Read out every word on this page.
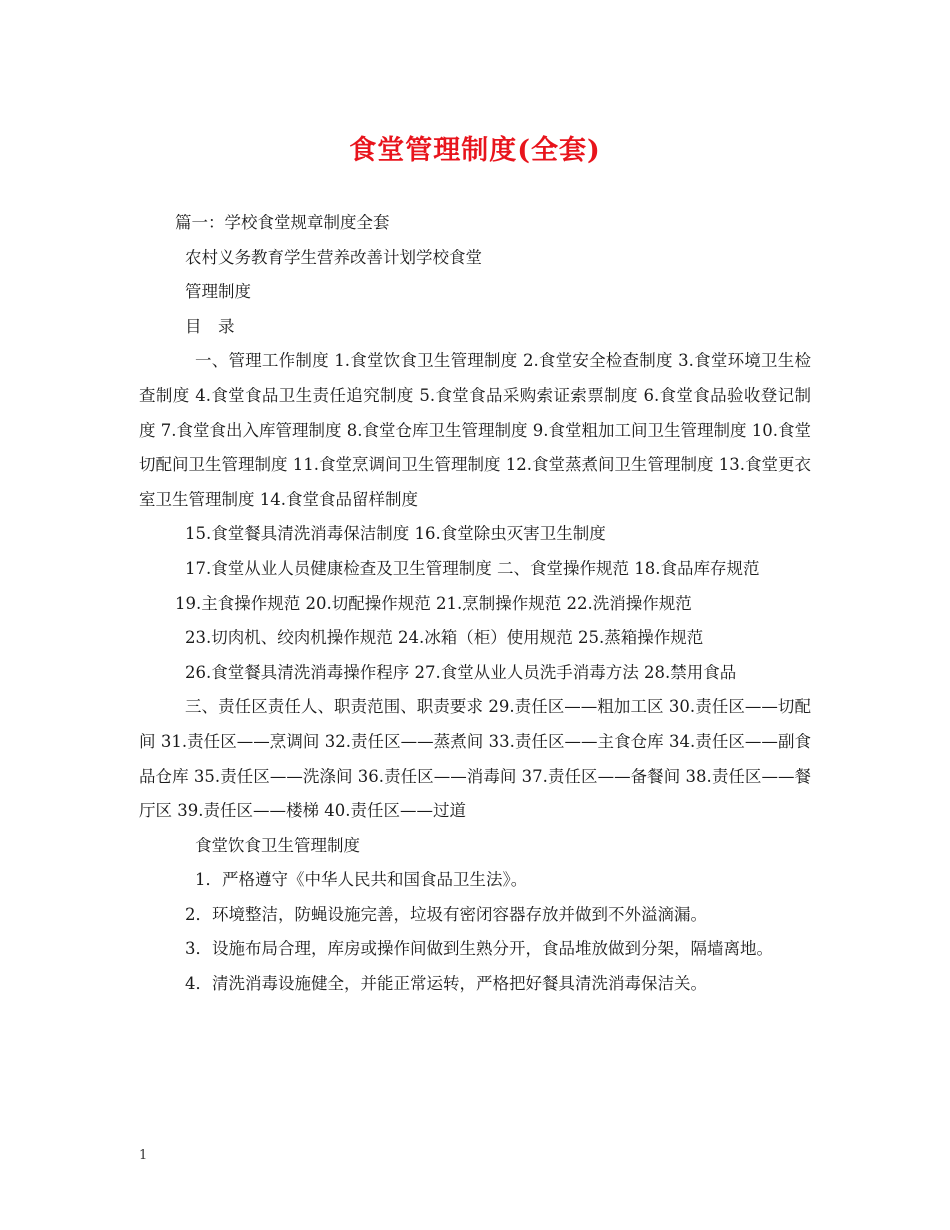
食堂管理制度(全套)

篇一：学校食堂规章制度全套

农村义务教育学生营养改善计划学校食堂

管理制度

目　录

一、管理工作制度 1.食堂饮食卫生管理制度 2.食堂安全检查制度 3.食堂环境卫生检查制度 4.食堂食品卫生责任追究制度 5.食堂食品采购索证索票制度 6.食堂食品验收登记制度 7.食堂食出入库管理制度 8.食堂仓库卫生管理制度 9.食堂粗加工间卫生管理制度 10.食堂切配间卫生管理制度 11.食堂烹调间卫生管理制度 12.食堂蒸煮间卫生管理制度 13.食堂更衣室卫生管理制度 14.食堂食品留样制度

15.食堂餐具清洗消毒保洁制度 16.食堂除虫灭害卫生制度

17.食堂从业人员健康检查及卫生管理制度 二、食堂操作规范 18.食品库存规范

19.主食操作规范 20.切配操作规范 21.烹制操作规范 22.洗消操作规范

23.切肉机、绞肉机操作规范 24.冰箱（柜）使用规范 25.蒸箱操作规范

26.食堂餐具清洗消毒操作程序 27.食堂从业人员洗手消毒方法 28.禁用食品

三、责任区责任人、职责范围、职责要求 29.责任区——粗加工区 30.责任区——切配间 31.责任区——烹调间 32.责任区——蒸煮间 33.责任区——主食仓库 34.责任区——副食品仓库 35.责任区——洗涤间 36.责任区——消毒间 37.责任区——备餐间 38.责任区——餐厅区 39.责任区——楼梯 40.责任区——过道

食堂饮食卫生管理制度

1．严格遵守《中华人民共和国食品卫生法》。

2．环境整洁，防蝇设施完善，垃圾有密闭容器存放并做到不外溢滴漏。

3．设施布局合理，库房或操作间做到生熟分开，食品堆放做到分架，隔墙离地。

4．清洗消毒设施健全，并能正常运转，严格把好餐具清洗消毒保洁关。

1
